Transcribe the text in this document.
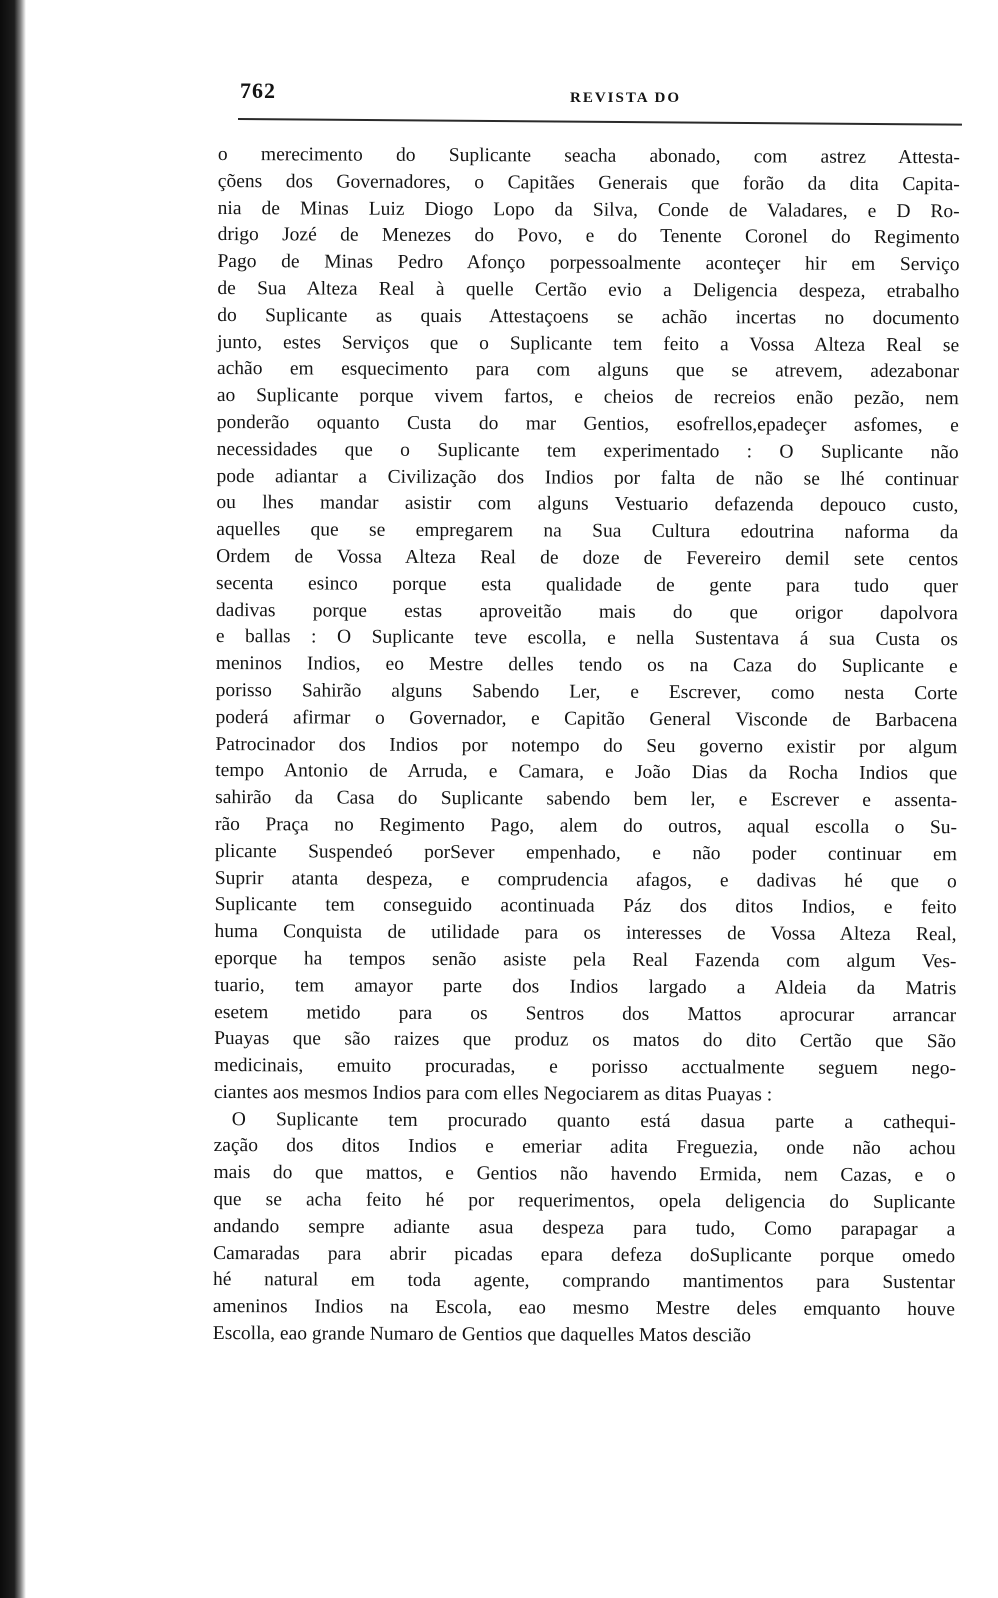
762	REVISTA DO
o merecimento do Suplicante seacha abonado, com astrez Attesta-
çõens dos Governadores, o Capitães Generais que forão da dita Capita-
nia de Minas Luiz Diogo Lopo da Silva, Conde de Valadares, e D Ro-
drigo Jozé de Menezes do Povo, e do Tenente Coronel do Regimento
Pago de Minas Pedro Afonço porpessoalmente aconteçer hir em Serviço
de Sua Alteza Real à quelle Certão evio a Deligencia despeza, etrabalho
do Suplicante as quais Attestaçoens se achão incertas no documento
junto, estes Serviços que o Suplicante tem feito a Vossa Alteza Real se
achão em esquecimento para com alguns que se atrevem, adezabonar
ao Suplicante porque vivem fartos, e cheios de recreios enão pezão, nem
ponderão oquanto Custa do mar Gentios, esofrellos,epadeçer asfomes, e
necessidades que o Suplicante tem experimentado : O Suplicante não
pode adiantar a Civilização dos Indios por falta de não se lhé continuar
ou lhes mandar asistir com alguns Vestuario defazenda depouco custo,
aquelles que se empregarem na Sua Cultura edoutrina naforma da
Ordem de Vossa Alteza Real de doze de Fevereiro demil sete centos
secenta esinco porque esta qualidade de gente para tudo quer
dadivas porque estas aproveitão mais do que origor dapolvora
e ballas : O Suplicante teve escolla, e nella Sustentava á sua Custa os
meninos Indios, eo Mestre delles tendo os na Caza do Suplicante e
porisso Sahirão alguns Sabendo Ler, e Escrever, como nesta Corte
poderá afirmar o Governador, e Capitão General Visconde de Barbacena
Patrocinador dos Indios por notempo do Seu governo existir por algum
tempo Antonio de Arruda, e Camara, e João Dias da Rocha Indios que
sahirão da Casa do Suplicante sabendo bem ler, e Escrever e assenta-
rão Praça no Regimento Pago, alem do outros, aqual escolla o Su-
plicante Suspendeó porSever empenhado, e não poder continuar em
Suprir atanta despeza, e comprudencia afagos, e dadivas hé que o
Suplicante tem conseguido acontinuada Páz dos ditos Indios, e feito
huma Conquista de utilidade para os interesses de Vossa Alteza Real,
eporque ha tempos senão asiste pela Real Fazenda com algum Ves-
tuario, tem amayor parte dos Indios largado a Aldeia da Matris
esetem metido para os Sentros dos Mattos aprocurar arrancar
Puayas que são raizes que produz os matos do dito Certão que São
medicinais, emuito procuradas, e porisso acctualmente seguem nego-
ciantes aos mesmos Indios para com elles Negociarem as ditas Puayas :
O Suplicante tem procurado quanto está dasua parte a cathequi-
zação dos ditos Indios e emeriar adita Freguezia, onde não achou
mais do que mattos, e Gentios não havendo Ermida, nem Cazas, e o
que se acha feito hé por requerimentos, opela deligencia do Suplicante
andando sempre adiante asua despeza para tudo, Como parapagar a
Camaradas para abrir picadas epara defeza doSuplicante porque omedo
hé natural em toda agente, comprando mantimentos para Sustentar
ameninos Indios na Escola, eao mesmo Mestre deles emquanto houve
Escolla, eao grande Numaro de Gentios que daquelles Matos descião
